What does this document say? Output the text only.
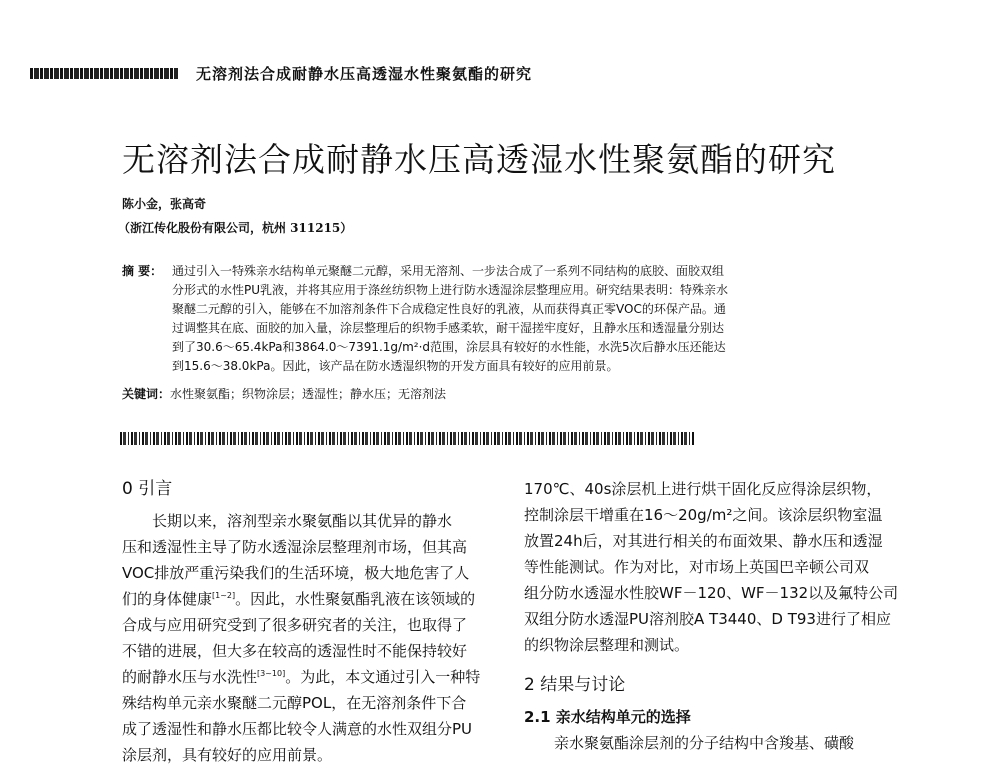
无溶剂法合成耐静水压高透湿水性聚氨酯的研究
无溶剂法合成耐静水压高透湿水性聚氨酯的研究
陈小金，张高奇
（浙江传化股份有限公司，杭州 311215）
摘 要： 通过引入一特殊亲水结构单元聚醚二元醇，采用无溶剂、一步法合成了一系列不同结构的底胶、面胶双组
分形式的水性PU乳液，并将其应用于涤丝纺织物上进行防水透湿涂层整理应用。研究结果表明：特殊亲水
聚醚二元醇的引入，能够在不加溶剂条件下合成稳定性良好的乳液，从而获得真正零VOC的环保产品。通
过调整其在底、面胶的加入量，涂层整理后的织物手感柔软，耐干湿搓牢度好，且静水压和透湿量分别达
到了30.6～65.4kPa和3864.0～7391.1g/m²·d范围，涂层具有较好的水性能，水洗5次后静水压还能达
到15.6～38.0kPa。因此，该产品在防水透湿织物的开发方面具有较好的应用前景。
关键词：水性聚氨酯；织物涂层；透湿性；静水压；无溶剂法
0 引言
长期以来，溶剂型亲水聚氨酯以其优异的静水
压和透湿性主导了防水透湿涂层整理剂市场，但其高
VOC排放严重污染我们的生活环境，极大地危害了人
们的身体健康[1~2]。因此，水性聚氨酯乳液在该领域的
合成与应用研究受到了很多研究者的关注，也取得了
不错的进展，但大多在较高的透湿性时不能保持较好
的耐静水压与水洗性[3~10]。为此，本文通过引入一种特
殊结构单元亲水聚醚二元醇POL，在无溶剂条件下合
成了透湿性和静水压都比较令人满意的水性双组分PU
涂层剂，具有较好的应用前景。
170℃、40s涂层机上进行烘干固化反应得涂层织物，
控制涂层干增重在16～20g/m²之间。该涂层织物室温
放置24h后，对其进行相关的布面效果、静水压和透湿
等性能测试。作为对比，对市场上英国巴辛顿公司双
组分防水透湿水性胶WF－120、WF－132以及氟特公司
双组分防水透湿PU溶剂胶A T3440、D T93进行了相应
的织物涂层整理和测试。
2 结果与讨论
2.1 亲水结构单元的选择
亲水聚氨酯涂层剂的分子结构中含羧基、磺酸
